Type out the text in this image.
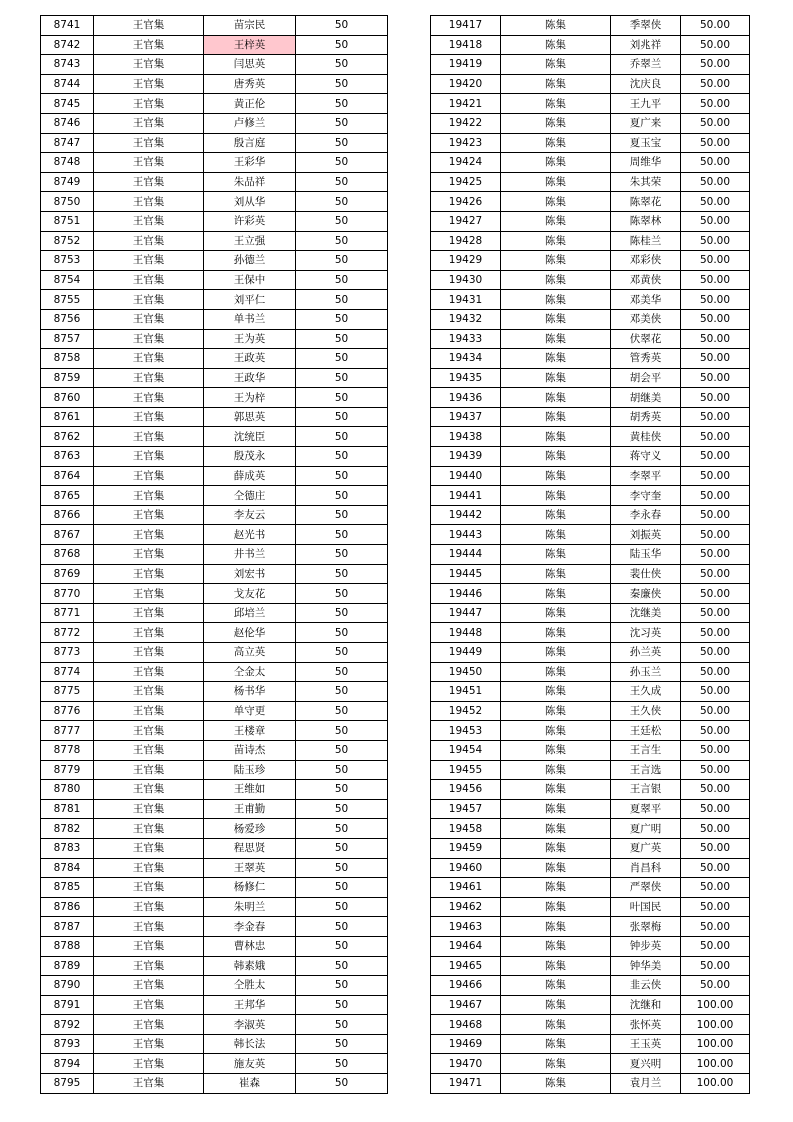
8741	王官集	苗宗民	50
8742	王官集	王梓英	50
8743	王官集	闫思英	50
8744	王官集	唐秀英	50
8745	王官集	黄正伦	50
8746	王官集	卢修兰	50
8747	王官集	殷言庭	50
8748	王官集	王彩华	50
8749	王官集	朱品祥	50
8750	王官集	刘从华	50
8751	王官集	许彩英	50
8752	王官集	王立强	50
8753	王官集	孙德兰	50
8754	王官集	王保中	50
8755	王官集	刘平仁	50
8756	王官集	单书兰	50
8757	王官集	王为英	50
8758	王官集	王政英	50
8759	王官集	王政华	50
8760	王官集	王为梓	50
8761	王官集	郭思英	50
8762	王官集	沈统臣	50
8763	王官集	殷茂永	50
8764	王官集	薛成英	50
8765	王官集	仝德庄	50
8766	王官集	李友云	50
8767	王官集	赵光书	50
8768	王官集	井书兰	50
8769	王官集	刘宏书	50
8770	王官集	戈友花	50
8771	王官集	邱培兰	50
8772	王官集	赵伦华	50
8773	王官集	高立英	50
8774	王官集	仝金太	50
8775	王官集	杨书华	50
8776	王官集	单守更	50
8777	王官集	王楼章	50
8778	王官集	苗诗杰	50
8779	王官集	陆玉珍	50
8780	王官集	王维如	50
8781	王官集	王甫勤	50
8782	王官集	杨爱珍	50
8783	王官集	程思贤	50
8784	王官集	王翠英	50
8785	王官集	杨修仁	50
8786	王官集	朱明兰	50
8787	王官集	李金春	50
8788	王官集	曹林忠	50
8789	王官集	韩素娥	50
8790	王官集	仝胜太	50
8791	王官集	王邦华	50
8792	王官集	李淑英	50
8793	王官集	韩长法	50
8794	王官集	施友英	50
8795	王官集	崔森	50
19417	陈集	季翠侠	50.00
19418	陈集	刘兆祥	50.00
19419	陈集	乔翠兰	50.00
19420	陈集	沈庆良	50.00
19421	陈集	王九平	50.00
19422	陈集	夏广来	50.00
19423	陈集	夏玉宝	50.00
19424	陈集	周维华	50.00
19425	陈集	朱其荣	50.00
19426	陈集	陈翠花	50.00
19427	陈集	陈翠林	50.00
19428	陈集	陈桂兰	50.00
19429	陈集	邓彩侠	50.00
19430	陈集	邓黄侠	50.00
19431	陈集	邓美华	50.00
19432	陈集	邓美侠	50.00
19433	陈集	伏翠花	50.00
19434	陈集	管秀英	50.00
19435	陈集	胡会平	50.00
19436	陈集	胡继美	50.00
19437	陈集	胡秀英	50.00
19438	陈集	黄桂侠	50.00
19439	陈集	蒋守义	50.00
19440	陈集	李翠平	50.00
19441	陈集	李守奎	50.00
19442	陈集	李永春	50.00
19443	陈集	刘振英	50.00
19444	陈集	陆玉华	50.00
19445	陈集	裴仕侠	50.00
19446	陈集	秦廉侠	50.00
19447	陈集	沈继美	50.00
19448	陈集	沈习英	50.00
19449	陈集	孙兰英	50.00
19450	陈集	孙玉兰	50.00
19451	陈集	王久成	50.00
19452	陈集	王久侠	50.00
19453	陈集	王廷松	50.00
19454	陈集	王言生	50.00
19455	陈集	王言选	50.00
19456	陈集	王言银	50.00
19457	陈集	夏翠平	50.00
19458	陈集	夏广明	50.00
19459	陈集	夏广英	50.00
19460	陈集	肖昌科	50.00
19461	陈集	严翠侠	50.00
19462	陈集	叶国民	50.00
19463	陈集	张翠梅	50.00
19464	陈集	钟步英	50.00
19465	陈集	钟华美	50.00
19466	陈集	韭云侠	50.00
19467	陈集	沈继和	100.00
19468	陈集	张怀英	100.00
19469	陈集	王玉英	100.00
19470	陈集	夏兴明	100.00
19471	陈集	袁月兰	100.00
